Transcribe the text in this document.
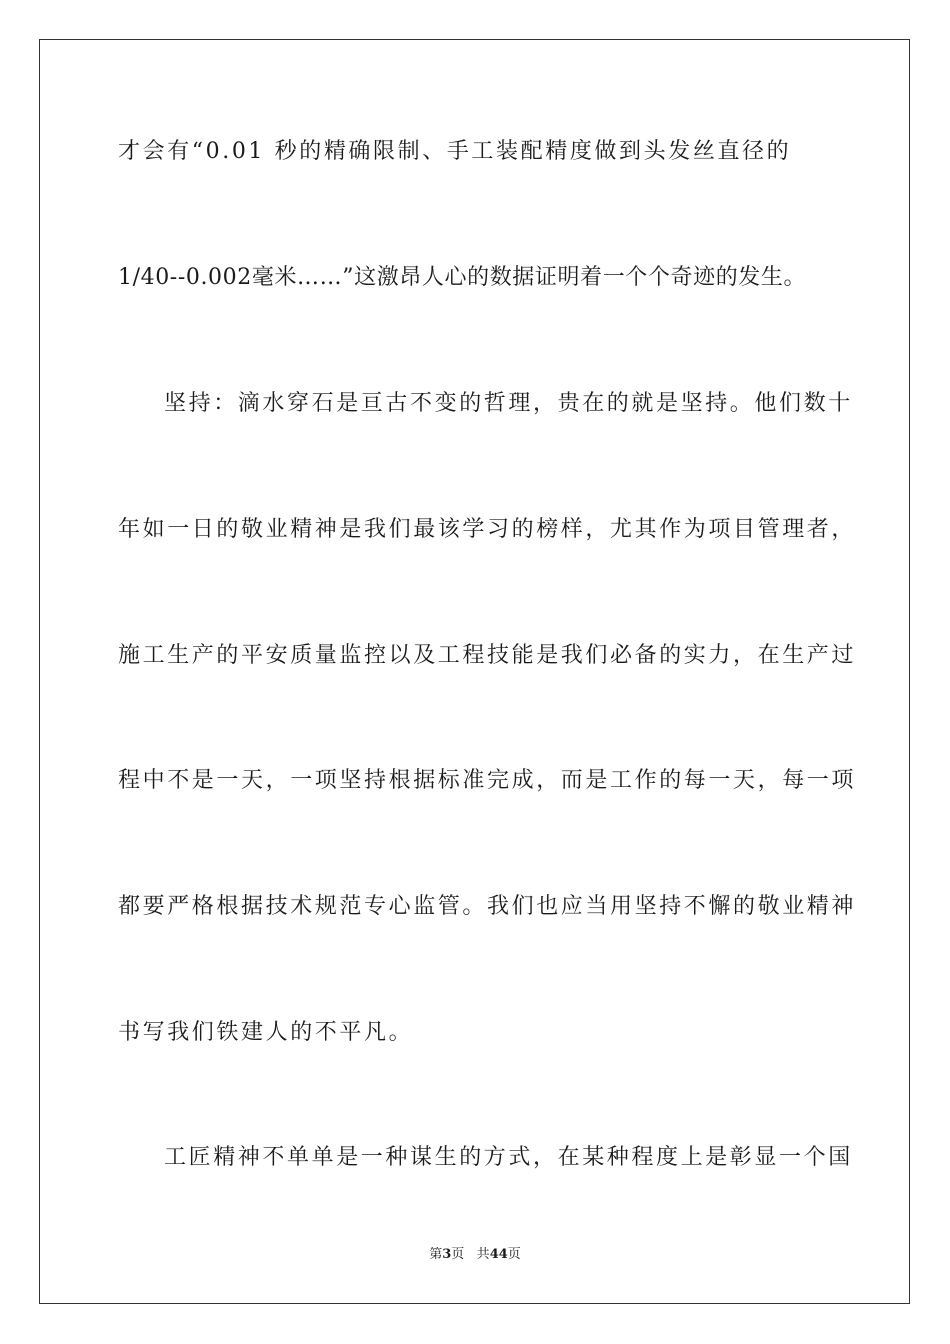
才会有“0.01 秒的精确限制、手工装配精度做到头发丝直径的
1/40--0.002毫米……”这激昂人心的数据证明着一个个奇迹的发生。
坚持：滴水穿石是亘古不变的哲理，贵在的就是坚持。他们数十
年如一日的敬业精神是我们最该学习的榜样，尤其作为项目管理者，
施工生产的平安质量监控以及工程技能是我们必备的实力，在生产过
程中不是一天，一项坚持根据标准完成，而是工作的每一天，每一项
都要严格根据技术规范专心监管。我们也应当用坚持不懈的敬业精神
书写我们铁建人的不平凡。
工匠精神不单单是一种谋生的方式，在某种程度上是彰显一个国
第3页 共44页
